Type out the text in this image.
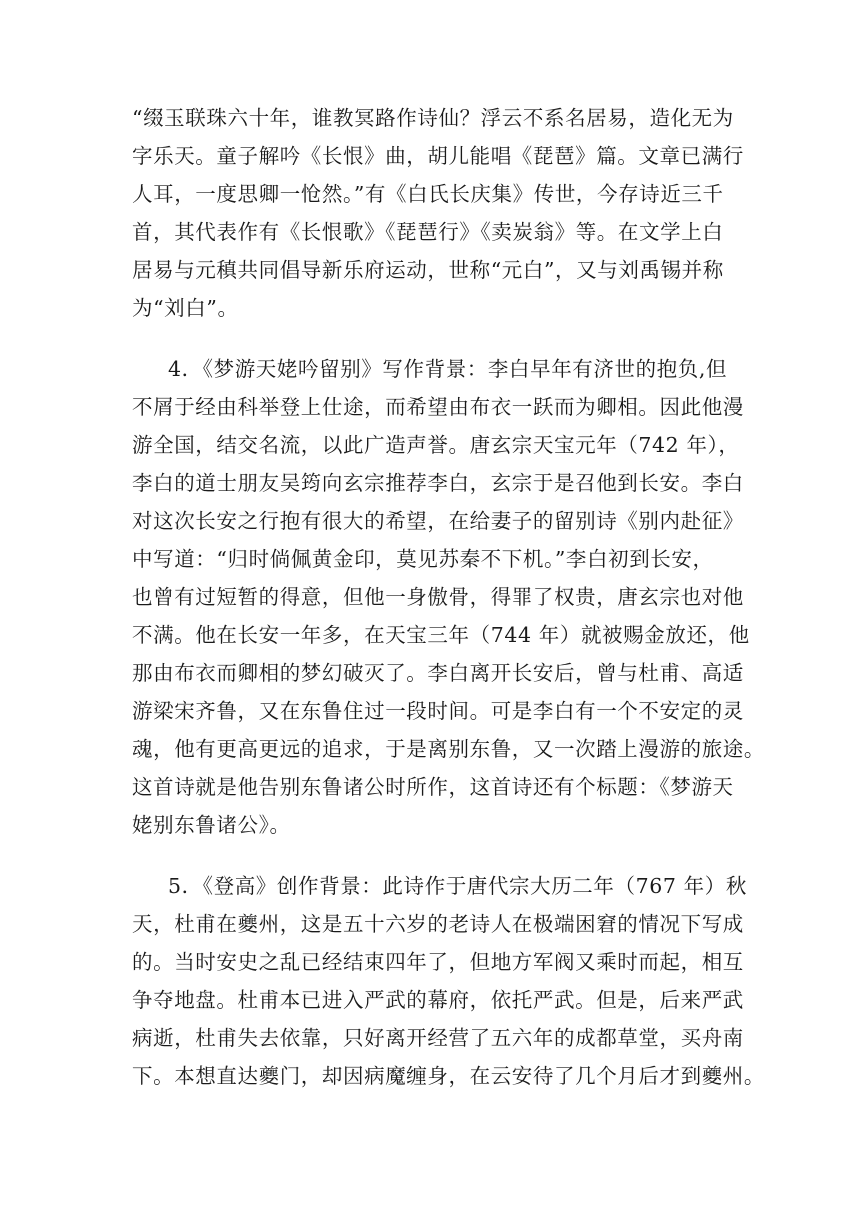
“缀玉联珠六十年，谁教冥路作诗仙？浮云不系名居易，造化无为
字乐天。童子解吟《长恨》曲，胡儿能唱《琵琶》篇。文章已满行
人耳，一度思卿一怆然。”有《白氏长庆集》传世，今存诗近三千
首，其代表作有《长恨歌》《琵琶行》《卖炭翁》等。在文学上白
居易与元稹共同倡导新乐府运动，世称“元白”，又与刘禹锡并称
为“刘白”。
4．《梦游天姥吟留别》写作背景：李白早年有济世的抱负,但
不屑于经由科举登上仕途，而希望由布衣一跃而为卿相。因此他漫
游全国，结交名流，以此广造声誉。唐玄宗天宝元年（742 年），
李白的道士朋友吴筠向玄宗推荐李白，玄宗于是召他到长安。李白
对这次长安之行抱有很大的希望，在给妻子的留别诗《别内赴征》
中写道：“归时倘佩黄金印，莫见苏秦不下机。”李白初到长安，
也曾有过短暂的得意，但他一身傲骨，得罪了权贵，唐玄宗也对他
不满。他在长安一年多，在天宝三年（744 年）就被赐金放还，他
那由布衣而卿相的梦幻破灭了。李白离开长安后，曾与杜甫、高适
游梁宋齐鲁，又在东鲁住过一段时间。可是李白有一个不安定的灵
魂，他有更高更远的追求，于是离别东鲁，又一次踏上漫游的旅途。
这首诗就是他告别东鲁诸公时所作，这首诗还有个标题：《梦游天
姥别东鲁诸公》。
5．《登高》创作背景：此诗作于唐代宗大历二年（767 年）秋
天，杜甫在夔州，这是五十六岁的老诗人在极端困窘的情况下写成
的。当时安史之乱已经结束四年了，但地方军阀又乘时而起，相互
争夺地盘。杜甫本已进入严武的幕府，依托严武。但是，后来严武
病逝，杜甫失去依靠，只好离开经营了五六年的成都草堂，买舟南
下。本想直达夔门，却因病魔缠身，在云安待了几个月后才到夔州。
